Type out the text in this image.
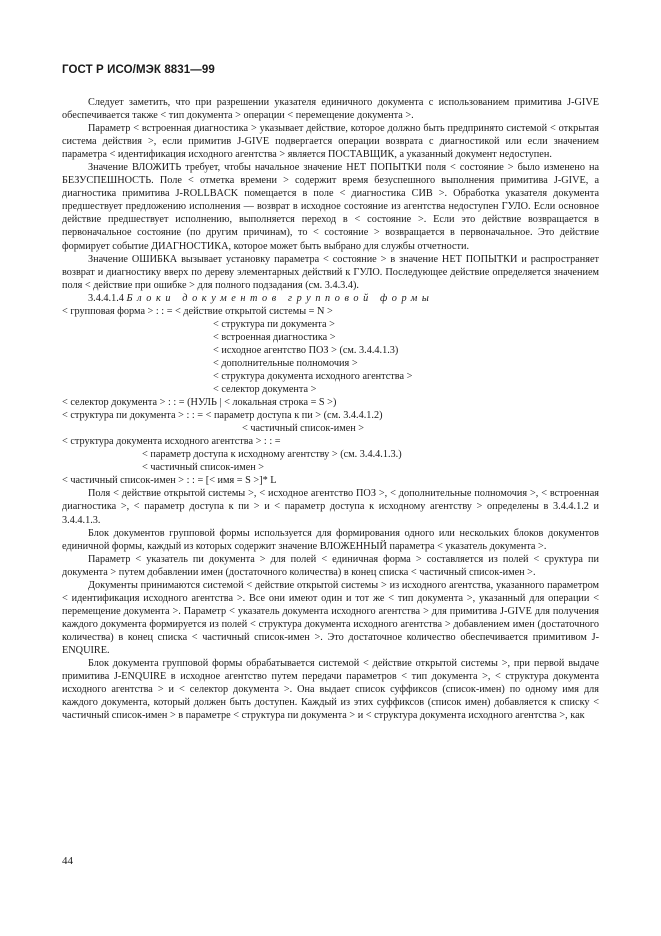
ГОСТ Р ИСО/МЭК 8831—99

Следует заметить, что при разрешении указателя единичного документа с использованием примитива J-GIVE обеспечивается также < тип документа > операции < перемещение документа >.

Параметр < встроенная диагностика > указывает действие, которое должно быть предпринято системой < открытая система действия >, если примитив J-GIVE подвергается операции возврата с диагностикой или если значением параметра < идентификация исходного агентства > является ПОСТАВЩИК, а указанный документ недоступен.

Значение ВЛОЖИТЬ требует, чтобы начальное значение НЕТ ПОПЫТКИ поля < состояние > было изменено на БЕЗУСПЕШНОСТЬ. Поле < отметка времени > содержит время безуспешного выполнения примитива J-GIVE, а диагностика примитива J-ROLLBACK помещается в поле < диагностика СИВ >. Обработка указателя документа предшествует предложению исполнения — возврат в исходное состояние из агентства недоступен ГУЛО. Если основное действие предшествует исполнению, выполняется переход в < состояние >. Если это действие возвращается в первоначальное состояние (по другим причинам), то < состояние > возвращается в первоначальное. Это действие формирует событие ДИАГНОСТИКА, которое может быть выбрано для службы отчетности.

Значение ОШИБКА вызывает установку параметра < состояние > в значение НЕТ ПОПЫТКИ и распространяет возврат и диагностику вверх по дереву элементарных действий к ГУЛО. Последующее действие определяется значением поля < действие при ошибке > для полного подзадания (см. 3.4.3.4).

3.4.4.1.4 Блоки документов групповой формы

< групповая форма > : : = < действие открытой системы = N >

< структура пи документа >

< встроенная диагностика >

< исходное агентство ПОЗ > (см. 3.4.4.1.3)

< дополнительные полномочия >

< структура документа исходного агентства >

< селектор документа >

< селектор документа > : : = (НУЛЬ | < локальная строка = S >)

< структура пи документа > : : = < параметр доступа к пи > (см. 3.4.4.1.2)

< частичный список-имен >

< структура документа исходного агентства > : : =

< параметр доступа к исходному агентству > (см. 3.4.4.1.3.)

< частичный список-имен >

< частичный список-имен > : : = [< имя = S >]* L

Поля < действие открытой системы >, < исходное агентство ПОЗ >, < дополнительные полномочия >, < встроенная диагностика >, < параметр доступа к пи > и < параметр доступа к исходному агентству > определены в 3.4.4.1.2 и 3.4.4.1.3.

Блок документов групповой формы используется для формирования одного или нескольких блоков документов единичной формы, каждый из которых содержит значение ВЛОЖЕННЫЙ параметра < указатель документа >.

Параметр < указатель пи документа > для полей < единичная форма > составляется из полей < сруктура пи документа > путем добавлении имен (достаточного количества) в конец списка < частичный список-имен >.

Документы принимаются системой < действие открытой системы > из исходного агентства, указанного параметром < идентификация исходного агентства >. Все они имеют один и тот же < тип документа >, указанный для операции < перемещение документа >. Параметр < указатель документа исходного агентства > для примитива J-GIVE для получения каждого документа формируется из полей < структура документа исходного агентства > добавлением имен (достаточного количества) в конец списка < частичный список-имен >. Это достаточное количество обеспечивается примитивом J-ENQUIRE.

Блок документа групповой формы обрабатывается системой < действие открытой системы >, при первой выдаче примитива J-ENQUIRE в исходное агентство путем передачи параметров < тип документа >, < структура документа исходного агентства > и < селектор документа >. Она выдает список суффиксов (список-имен) по одному имя для каждого документа, который должен быть доступен. Каждый из этих суффиксов (список имен) добавляется к списку < частичный список-имен > в параметре < структура пи документа > и < структура документа исходного агентства >, как

44
